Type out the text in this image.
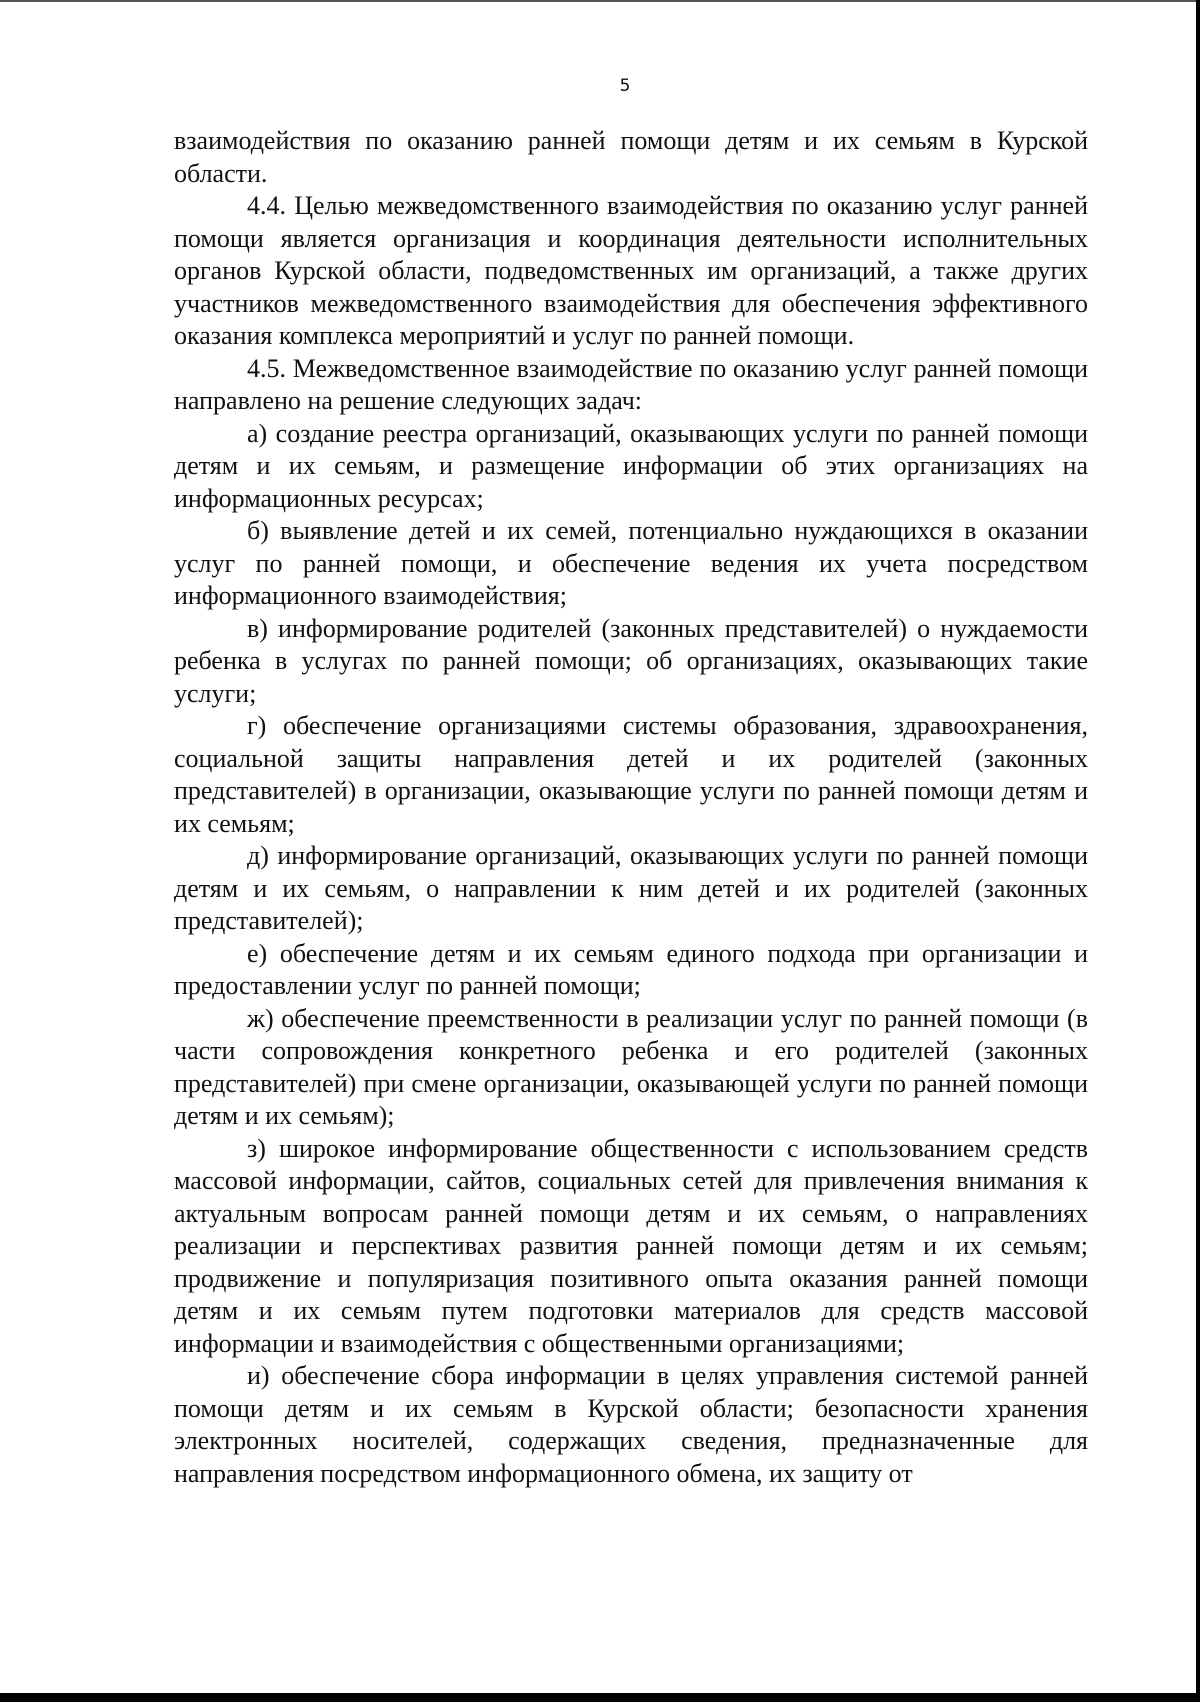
5

взаимодействия по оказанию ранней помощи детям и их семьям в Курской области.

4.4. Целью межведомственного взаимодействия по оказанию услуг ранней помощи является организация и координация деятельности исполнительных органов Курской области, подведомственных им организаций, а также других участников межведомственного взаимодействия для обеспечения эффективного оказания комплекса мероприятий и услуг по ранней помощи.

4.5. Межведомственное взаимодействие по оказанию услуг ранней помощи направлено на решение следующих задач:

а) создание реестра организаций, оказывающих услуги по ранней помощи детям и их семьям, и размещение информации об этих организациях на информационных ресурсах;

б) выявление детей и их семей, потенциально нуждающихся в оказании услуг по ранней помощи, и обеспечение ведения их учета посредством информационного взаимодействия;

в) информирование родителей (законных представителей) о нуждаемости ребенка в услугах по ранней помощи; об организациях, оказывающих такие услуги;

г) обеспечение организациями системы образования, здравоохранения, социальной защиты направления детей и их родителей (законных представителей) в организации, оказывающие услуги по ранней помощи детям и их семьям;

д) информирование организаций, оказывающих услуги по ранней помощи детям и их семьям, о направлении к ним детей и их родителей (законных представителей);

е) обеспечение детям и их семьям единого подхода при организации и предоставлении услуг по ранней помощи;

ж) обеспечение преемственности в реализации услуг по ранней помощи (в части сопровождения конкретного ребенка и его родителей (законных представителей) при смене организации, оказывающей услуги по ранней помощи детям и их семьям);

з) широкое информирование общественности с использованием средств массовой информации, сайтов, социальных сетей для привлечения внимания к актуальным вопросам ранней помощи детям и их семьям, о направлениях реализации и перспективах развития ранней помощи детям и их семьям; продвижение и популяризация позитивного опыта оказания ранней помощи детям и их семьям путем подготовки материалов для средств массовой информации и взаимодействия с общественными организациями;

и) обеспечение сбора информации в целях управления системой ранней помощи детям и их семьям в Курской области; безопасности хранения электронных носителей, содержащих сведения, предназначенные для направления посредством информационного обмена, их защиту от
